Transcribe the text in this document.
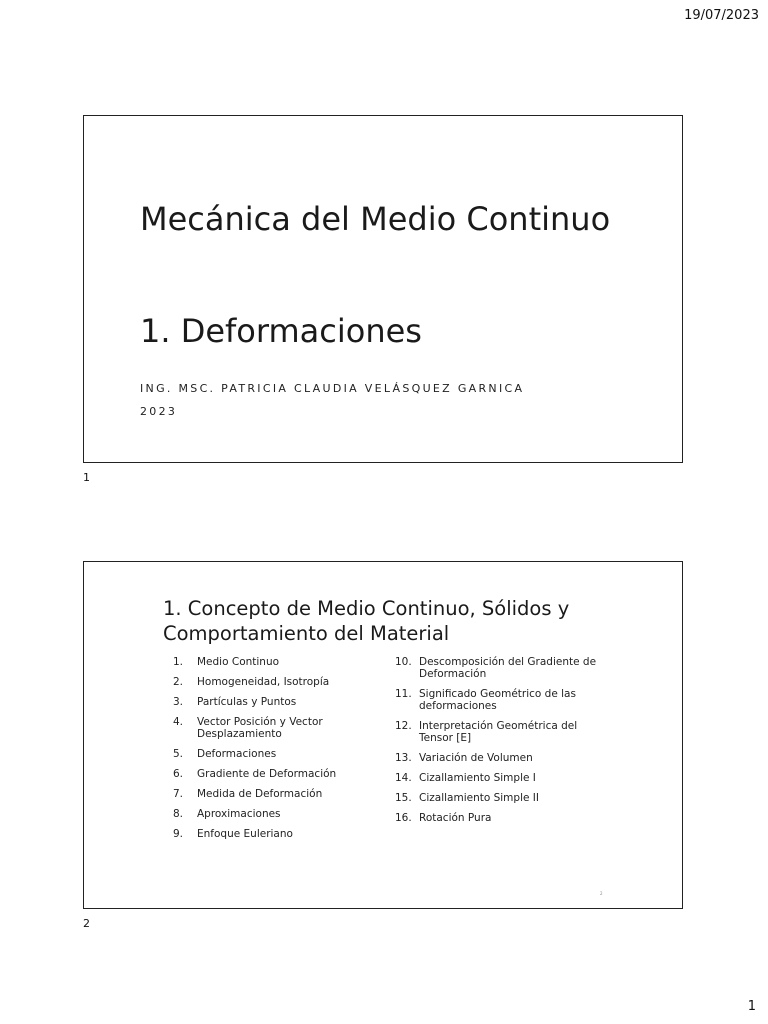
19/07/2023
Mecánica del Medio Continuo
1. Deformaciones
ING. MSC. PATRICIA CLAUDIA VELÁSQUEZ GARNICA
2023
1
1. Concepto de Medio Continuo, Sólidos y Comportamiento del Material
1.	Medio Continuo
2.	Homogeneidad, Isotropía
3.	Partículas y Puntos
4.	Vector Posición y Vector Desplazamiento
5.	Deformaciones
6.	Gradiente de Deformación
7.	Medida de Deformación
8.	Aproximaciones
9.	Enfoque Euleriano
10. Descomposición del Gradiente de Deformación
11. Significado Geométrico de las deformaciones
12. Interpretación Geométrica del Tensor [E]
13. Variación de Volumen
14. Cizallamiento Simple I
15. Cizallamiento Simple II
16. Rotación Pura
2
2
1
